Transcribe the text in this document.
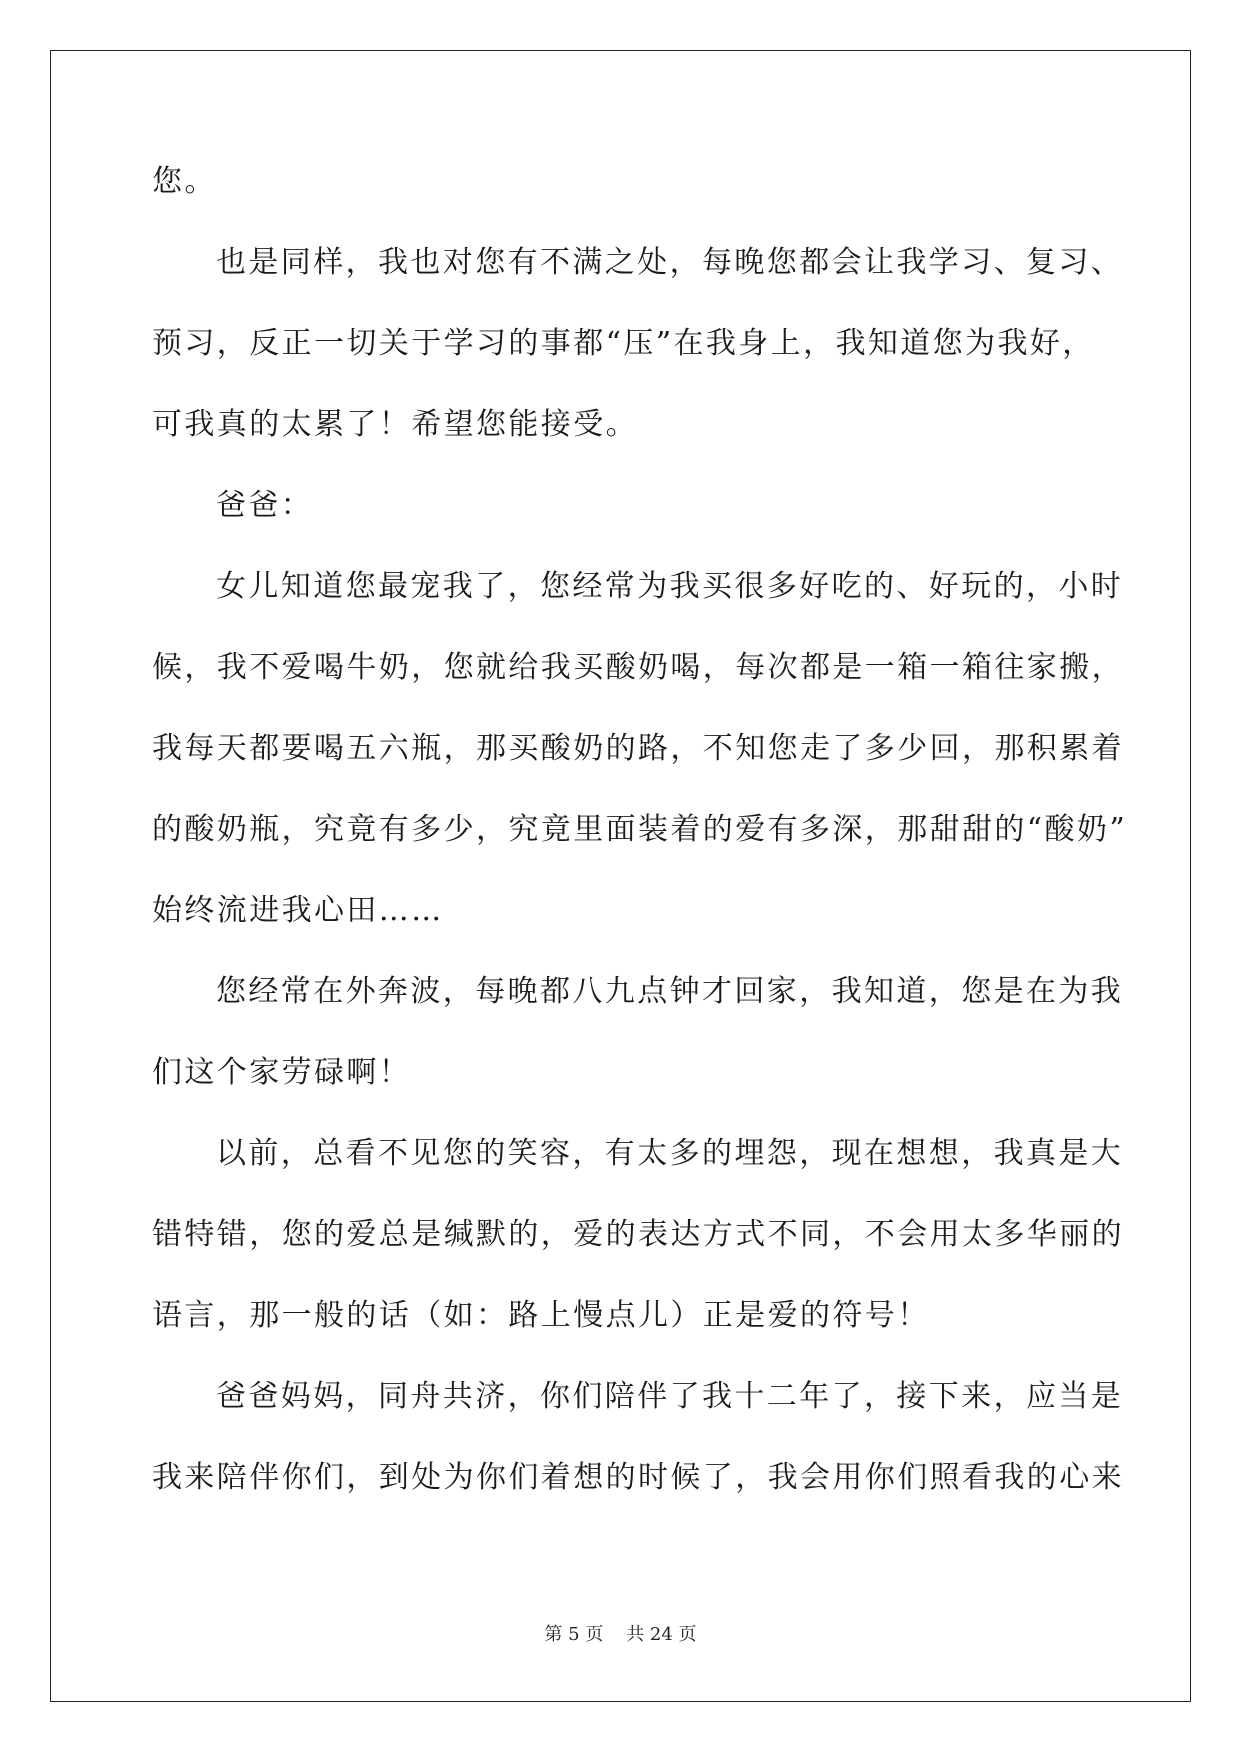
您。
也是同样，我也对您有不满之处，每晚您都会让我学习、复习、
预习，反正一切关于学习的事都“压”在我身上，我知道您为我好，
可我真的太累了！希望您能接受。
爸爸：
女儿知道您最宠我了，您经常为我买很多好吃的、好玩的，小时
候，我不爱喝牛奶，您就给我买酸奶喝，每次都是一箱一箱往家搬，
我每天都要喝五六瓶，那买酸奶的路，不知您走了多少回，那积累着
的酸奶瓶，究竟有多少，究竟里面装着的爱有多深，那甜甜的“酸奶”
始终流进我心田……
您经常在外奔波，每晚都八九点钟才回家，我知道，您是在为我
们这个家劳碌啊！
以前，总看不见您的笑容，有太多的埋怨，现在想想，我真是大
错特错，您的爱总是缄默的，爱的表达方式不同，不会用太多华丽的
语言，那一般的话（如：路上慢点儿）正是爱的符号！
爸爸妈妈，同舟共济，你们陪伴了我十二年了，接下来，应当是
我来陪伴你们，到处为你们着想的时候了，我会用你们照看我的心来
第 5 页    共 24 页
